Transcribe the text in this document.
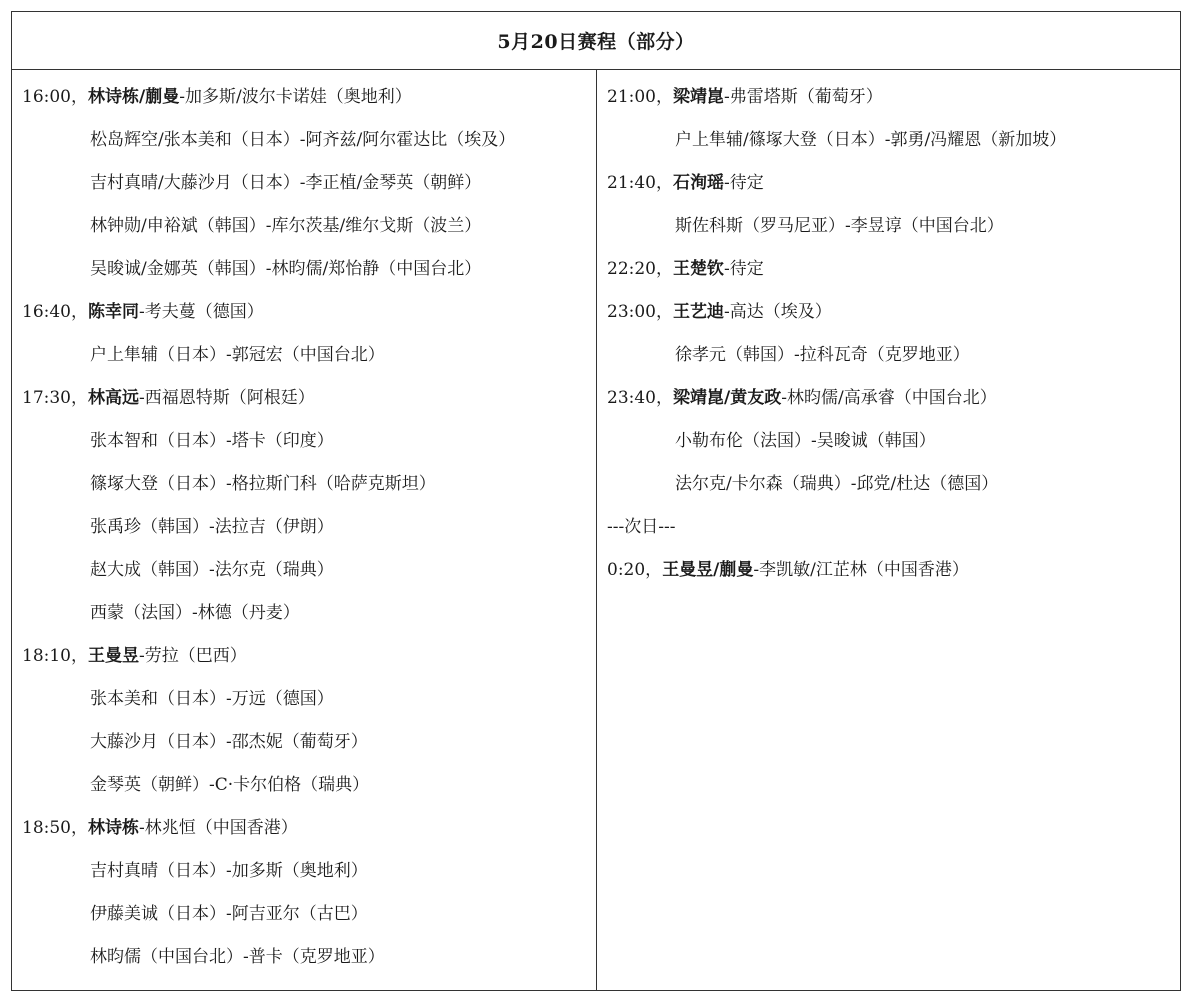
5月20日赛程（部分）
16:00，林诗栋/蒯曼-加多斯/波尔卡诺娃（奥地利）
松岛辉空/张本美和（日本）-阿齐兹/阿尔霍达比（埃及）
吉村真晴/大藤沙月（日本）-李正植/金琴英（朝鲜）
林钟勋/申裕斌（韩国）-库尔茨基/维尔戈斯（波兰）
吴晙诚/金娜英（韩国）-林昀儒/郑怡静（中国台北）
16:40，陈幸同-考夫蔓（德国）
户上隼辅（日本）-郭冠宏（中国台北）
17:30，林高远-西福恩特斯（阿根廷）
张本智和（日本）-塔卡（印度）
篠塚大登（日本）-格拉斯门科（哈萨克斯坦）
张禹珍（韩国）-法拉吉（伊朗）
赵大成（韩国）-法尔克（瑞典）
西蒙（法国）-林德（丹麦）
18:10，王曼昱-劳拉（巴西）
张本美和（日本）-万远（德国）
大藤沙月（日本）-邵杰妮（葡萄牙）
金琴英（朝鲜）-C·卡尔伯格（瑞典）
18:50，林诗栋-林兆恒（中国香港）
吉村真晴（日本）-加多斯（奥地利）
伊藤美诚（日本）-阿吉亚尔（古巴）
林昀儒（中国台北）-普卡（克罗地亚）
21:00，梁靖崑-弗雷塔斯（葡萄牙）
户上隼辅/篠塚大登（日本）-郭勇/冯耀恩（新加坡）
21:40，石洵瑶-待定
斯佐科斯（罗马尼亚）-李昱谆（中国台北）
22:20，王楚钦-待定
23:00，王艺迪-高达（埃及）
徐孝元（韩国）-拉科瓦奇（克罗地亚）
23:40，梁靖崑/黄友政-林昀儒/高承睿（中国台北）
小勒布伦（法国）-吴晙诚（韩国）
法尔克/卡尔森（瑞典）-邱党/杜达（德国）
---次日---
0:20，王曼昱/蒯曼-李凯敏/江芷林（中国香港）
